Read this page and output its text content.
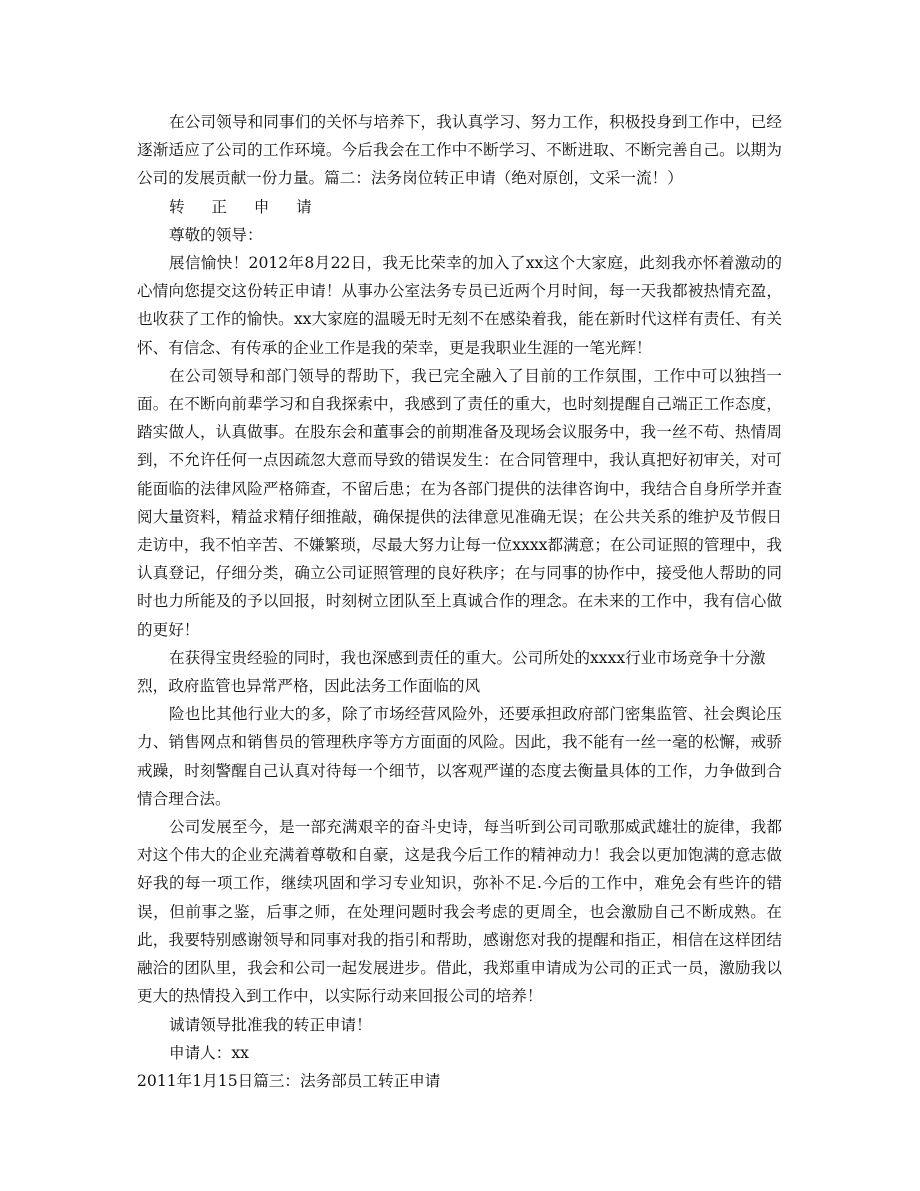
在公司领导和同事们的关怀与培养下，我认真学习、努力工作，积极投身到工作中，已经逐渐适应了公司的工作环境。今后我会在工作中不断学习、不断进取、不断完善自己。以期为公司的发展贡献一份力量。篇二：法务岗位转正申请（绝对原创，文采一流！）

转 正 申 请

尊敬的领导：

展信愉快！2012年8月22日，我无比荣幸的加入了xx这个大家庭，此刻我亦怀着激动的心情向您提交这份转正申请！从事办公室法务专员已近两个月时间，每一天我都被热情充盈，也收获了工作的愉快。xx大家庭的温暖无时无刻不在感染着我，能在新时代这样有责任、有关怀、有信念、有传承的企业工作是我的荣幸，更是我职业生涯的一笔光辉！

在公司领导和部门领导的帮助下，我已完全融入了目前的工作氛围，工作中可以独挡一面。在不断向前辈学习和自我探索中，我感到了责任的重大，也时刻提醒自己端正工作态度，踏实做人，认真做事。在股东会和董事会的前期准备及现场会议服务中，我一丝不苟、热情周到，不允许任何一点因疏忽大意而导致的错误发生：在合同管理中，我认真把好初审关，对可能面临的法律风险严格筛查，不留后患；在为各部门提供的法律咨询中，我结合自身所学并查阅大量资料，精益求精仔细推敲，确保提供的法律意见准确无误；在公共关系的维护及节假日走访中，我不怕辛苦、不嫌繁琐，尽最大努力让每一位xxxx都满意；在公司证照的管理中，我认真登记，仔细分类，确立公司证照管理的良好秩序；在与同事的协作中，接受他人帮助的同时也力所能及的予以回报，时刻树立团队至上真诚合作的理念。在未来的工作中，我有信心做的更好！

在获得宝贵经验的同时，我也深感到责任的重大。公司所处的xxxx行业市场竞争十分激烈，政府监管也异常严格，因此法务工作面临的风

险也比其他行业大的多，除了市场经营风险外，还要承担政府部门密集监管、社会舆论压力、销售网点和销售员的管理秩序等方方面面的风险。因此，我不能有一丝一毫的松懈，戒骄戒躁，时刻警醒自己认真对待每一个细节，以客观严谨的态度去衡量具体的工作，力争做到合情合理合法。

公司发展至今，是一部充满艰辛的奋斗史诗，每当听到公司司歌那威武雄壮的旋律，我都对这个伟大的企业充满着尊敬和自豪，这是我今后工作的精神动力！我会以更加饱满的意志做好我的每一项工作，继续巩固和学习专业知识，弥补不足.今后的工作中，难免会有些许的错误，但前事之鉴，后事之师，在处理问题时我会考虑的更周全，也会激励自己不断成熟。在此，我要特别感谢领导和同事对我的指引和帮助，感谢您对我的提醒和指正，相信在这样团结融洽的团队里，我会和公司一起发展进步。借此，我郑重申请成为公司的正式一员，激励我以更大的热情投入到工作中，以实际行动来回报公司的培养！

诚请领导批准我的转正申请！

申请人：xx

2011年1月15日篇三：法务部员工转正申请
